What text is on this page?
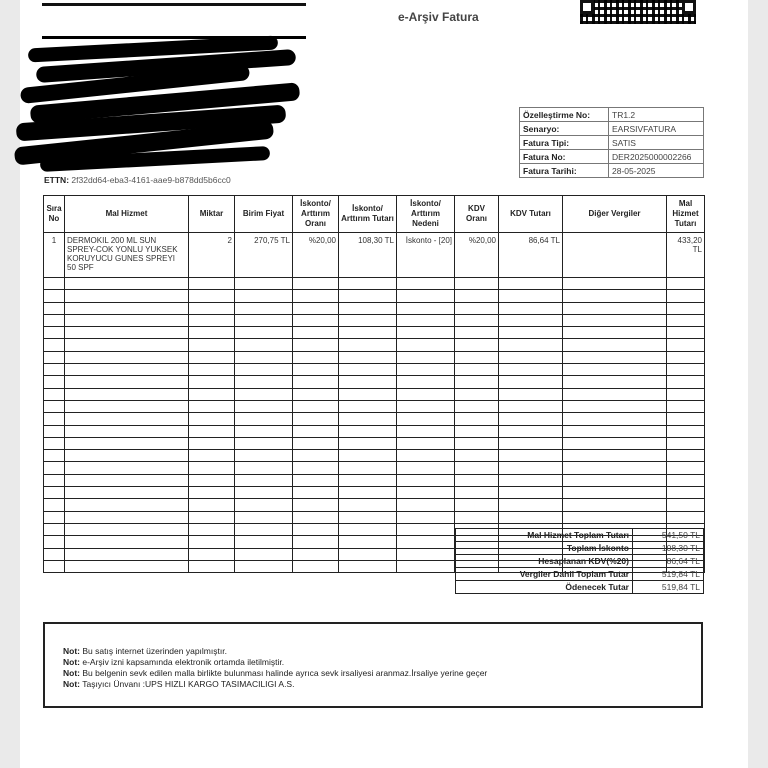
e-Arşiv Fatura
ETTN: 2f32dd64-eba3-4161-aae9-b878dd5b6cc0
Özelleştirme No:	TR1.2
Senaryo:	EARSIVFATURA
Fatura Tipi:	SATIS
Fatura No:	DER2025000002266
Fatura Tarihi:	28-05-2025
Sıra No	Mal Hizmet	Miktar	Birim Fiyat	İskonto/ Arttırım Oranı	İskonto/ Arttırım Tutarı	İskonto/ Arttırım Nedeni	KDV Oranı	KDV Tutarı	Diğer Vergiler	Mal Hizmet Tutarı
1	DERMOKIL 200 ML SUN SPREY-COK YONLU YUKSEK KORUYUCU GUNES SPREYI 50 SPF	2	270,75 TL	%20,00	108,30 TL	İskonto - [20]	%20,00	86,64 TL		433,20 TL

Mal Hizmet Toplam Tutarı	541,50 TL
Toplam İskonto	108,30 TL
Hesaplanan KDV(%20)	86,64 TL
Vergiler Dahil Toplam Tutar	519,84 TL
Ödenecek Tutar	519,84 TL
Not: Bu satış internet üzerinden yapılmıştır.
Not: e-Arşiv izni kapsamında elektronik ortamda iletilmiştir.
Not: Bu belgenin sevk edilen malla birlikte bulunması halinde ayrıca sevk irsaliyesi aranmaz.İrsaliye yerine geçer
Not: Taşıyıcı Ünvanı :UPS HIZLI KARGO TASIMACILIGI A.S.
